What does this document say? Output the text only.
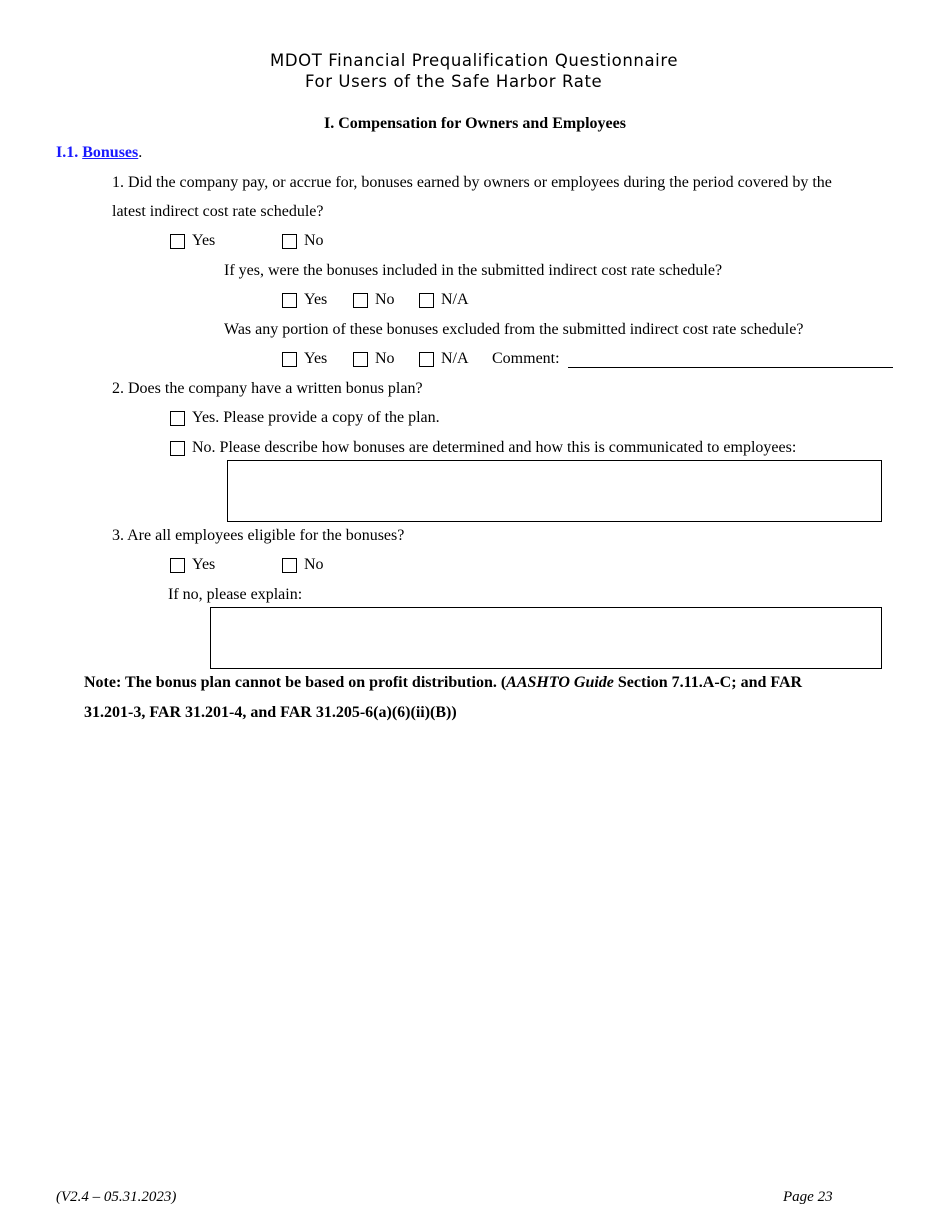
MDOT Financial Prequalification Questionnaire
For Users of the Safe Harbor Rate
I. Compensation for Owners and Employees
I.1. Bonuses.
1. Did the company pay, or accrue for, bonuses earned by owners or employees during the period covered by the
latest indirect cost rate schedule?
Yes	No
If yes, were the bonuses included in the submitted indirect cost rate schedule?
Yes	No	N/A
Was any portion of these bonuses excluded from the submitted indirect cost rate schedule?
Yes	No	N/A Comment:
2. Does the company have a written bonus plan?
Yes. Please provide a copy of the plan.
No. Please describe how bonuses are determined and how this is communicated to employees:
3. Are all employees eligible for the bonuses?
Yes	No
If no, please explain:
Note: The bonus plan cannot be based on profit distribution. (AASHTO Guide Section 7.11.A-C; and FAR
31.201-3, FAR 31.201-4, and FAR 31.205-6(a)(6)(ii)(B))
(V2.4 – 05.31.2023)	Page 23
